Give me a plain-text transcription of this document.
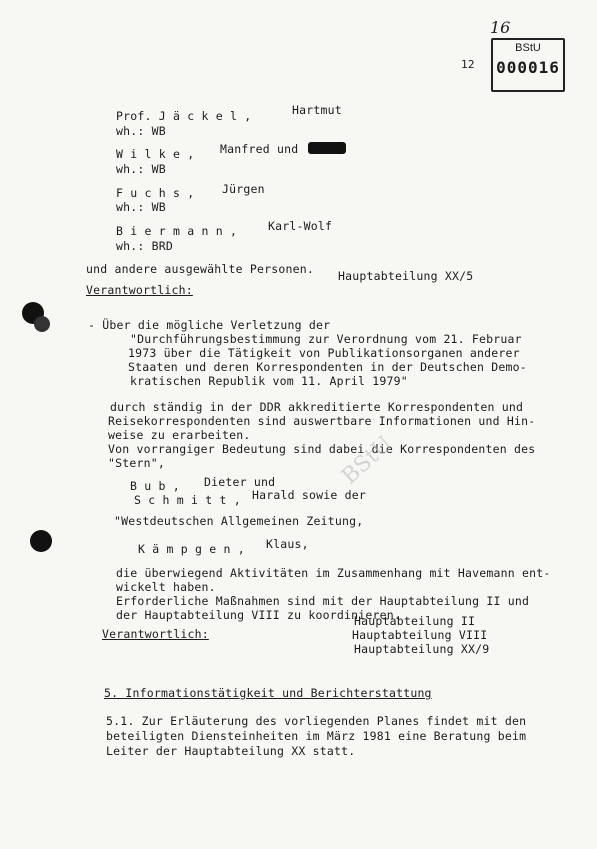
16
12
BStU
000016
Prof. J ä c k e l ,	Hartmut
wh.: WB
W i l k e , Manfred und
wh.: WB
F u c h s , Jürgen
wh.: WB
B i e r m a n n ,	Karl-Wolf
wh.: BRD
und andere ausgewählte Personen. Hauptabteilung XX/5
Verantwortlich:
- Über die mögliche Verletzung der
"Durchführungsbestimmung zur Verordnung vom 21. Februar
1973 über die Tätigkeit von Publikationsorganen anderer
Staaten und deren Korrespondenten in der Deutschen Demo-
kratischen Republik vom 11. April 1979"
durch ständig in der DDR akkreditierte Korrespondenten und
Reisekorrespondenten sind auswertbare Informationen und Hin-
weise zu erarbeiten.
Von vorrangiger Bedeutung sind dabei die Korrespondenten des
"Stern",	BStU
B u b , Dieter und
S c h m i t t , Harald sowie der
"Westdeutschen Allgemeinen Zeitung,
K ä m p g e n , Klaus,
die überwiegend Aktivitäten im Zusammenhang mit Havemann ent-
wickelt haben.
Erforderliche Maßnahmen sind mit der Hauptabteilung II und
der Hauptabteilung VIII zu koordinieren.
Verantwortlich:
Hauptabteilung II
Hauptabteilung VIII
Hauptabteilung XX/9
5. Informationstätigkeit und Berichterstattung
5.1. Zur Erläuterung des vorliegenden Planes findet mit den
beteiligten Diensteinheiten im März 1981 eine Beratung beim
Leiter der Hauptabteilung XX statt.
